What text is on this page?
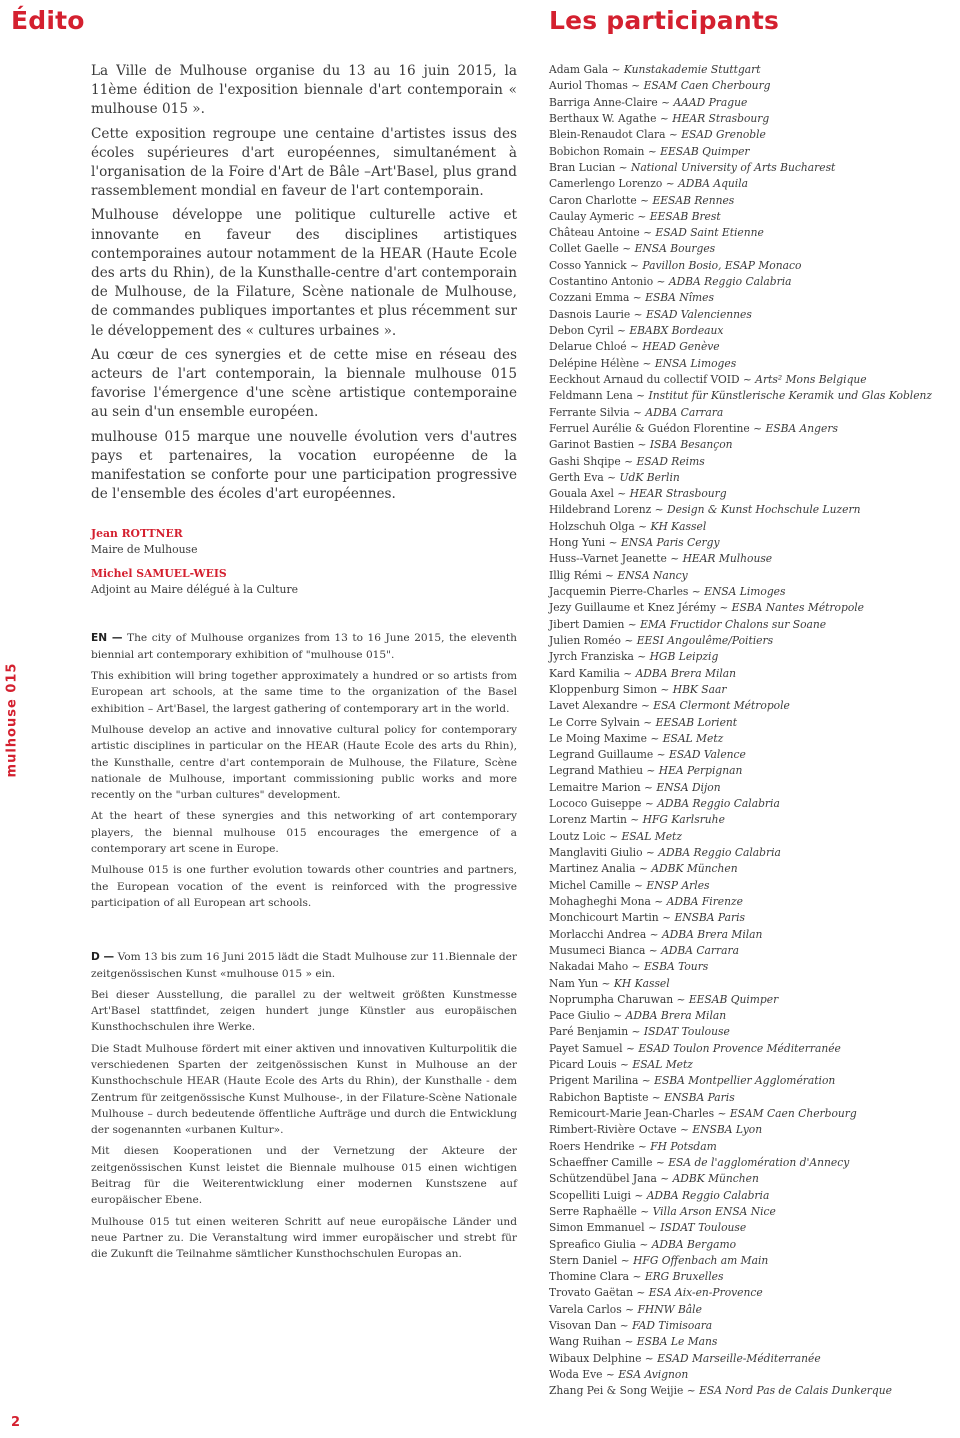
Édito	Les participants

La Ville de Mulhouse organise du 13 au 16 juin 2015, la 11ème édition de l'exposition biennale d'art contemporain « mulhouse 015 ».

Cette exposition regroupe une centaine d'artistes issus des écoles supérieures d'art européennes, simultanément à l'organisation de la Foire d'Art de Bâle –Art'Basel, plus grand rassemblement mondial en faveur de l'art contemporain.

Mulhouse développe une politique culturelle active et innovante en faveur des disciplines artistiques contemporaines autour notamment de la HEAR (Haute Ecole des arts du Rhin), de la Kunsthalle-centre d'art contemporain de Mulhouse, de la Filature, Scène nationale de Mulhouse, de commandes publiques importantes et plus récemment sur le développement des « cultures urbaines ».

Au cœur de ces synergies et de cette mise en réseau des acteurs de l'art contemporain, la biennale mulhouse 015 favorise l'émergence d'une scène artistique contemporaine au sein d'un ensemble européen.

mulhouse 015 marque une nouvelle évolution vers d'autres pays et partenaires, la vocation européenne de la manifestation se conforte pour une participation progressive de l'ensemble des écoles d'art européennes.

Jean ROTTNER
Maire de Mulhouse
Michel SAMUEL-WEIS
Adjoint au Maire délégué à la Culture

EN — The city of Mulhouse organizes from 13 to 16 June 2015, the eleventh biennial art contemporary exhibition of "mulhouse 015".

This exhibition will bring together approximately a hundred or so artists from European art schools, at the same time to the organization of the Basel exhibition – Art'Basel, the largest gathering of contemporary art in the world.

Mulhouse develop an active and innovative cultural policy for contemporary artistic disciplines in particular on the HEAR (Haute Ecole des arts du Rhin), the Kunsthalle, centre d'art contemporain de Mulhouse, the Filature, Scène nationale de Mulhouse, important commissioning public works and more recently on the "urban cultures" development.

At the heart of these synergies and this networking of art contemporary players, the biennal mulhouse 015 encourages the emergence of a contemporary art scene in Europe.

Mulhouse 015 is one further evolution towards other countries and partners, the European vocation of the event is reinforced with the progressive participation of all European art schools.

D — Vom 13 bis zum 16 Juni 2015 lädt die Stadt Mulhouse zur 11.Biennale der zeitgenössischen Kunst «mulhouse 015 » ein.

Bei dieser Ausstellung, die parallel zu der weltweit größten Kunstmesse Art'Basel stattfindet, zeigen hundert junge Künstler aus europäischen Kunsthochschulen ihre Werke.

Die Stadt Mulhouse fördert mit einer aktiven und innovativen Kulturpolitik die verschiedenen Sparten der zeitgenössischen Kunst in Mulhouse an der Kunsthochschule HEAR (Haute Ecole des Arts du Rhin), der Kunsthalle - dem Zentrum für zeitgenössische Kunst Mulhouse-, in der Filature-Scène Nationale Mulhouse – durch bedeutende öffentliche Aufträge und durch die Entwicklung der sogenannten «urbanen Kultur».

Mit diesen Kooperationen und der Vernetzung der Akteure der zeitgenössischen Kunst leistet die Biennale mulhouse 015 einen wichtigen Beitrag für die Weiterentwicklung einer modernen Kunstszene auf europäischer Ebene.

Mulhouse 015 tut einen weiteren Schritt auf neue europäische Länder und neue Partner zu. Die Veranstaltung wird immer europäischer und strebt für die Zukunft die Teilnahme sämtlicher Kunsthochschulen Europas an.

Adam Gala ~ Kunstakademie Stuttgart
Auriol Thomas ~ ESAM Caen Cherbourg
Barriga Anne-Claire ~ AAAD Prague
Berthaux W. Agathe ~ HEAR Strasbourg
Blein-Renaudot Clara ~ ESAD Grenoble
Bobichon Romain ~ EESAB Quimper
Bran Lucian ~ National University of Arts Bucharest
Camerlengo Lorenzo ~ ADBA Aquila
Caron Charlotte ~ EESAB Rennes
Caulay Aymeric ~ EESAB Brest
Château Antoine ~ ESAD Saint Etienne
Collet Gaelle ~ ENSA Bourges
Cosso Yannick ~ Pavillon Bosio, ESAP Monaco
Costantino Antonio ~ ADBA Reggio Calabria
Cozzani Emma ~ ESBA Nîmes
Dasnois Laurie ~ ESAD Valenciennes
Debon Cyril ~ EBABX Bordeaux
Delarue Chloé ~ HEAD Genève
Delépine Hélène ~ ENSA Limoges
Eeckhout Arnaud du collectif VOID ~ Arts² Mons Belgique
Feldmann Lena ~ Institut für Künstlerische Keramik und Glas Koblenz
Ferrante Silvia ~ ADBA Carrara
Ferruel Aurélie & Guédon Florentine ~ ESBA Angers
Garinot Bastien ~ ISBA Besançon
Gashi Shqipe ~ ESAD Reims
Gerth Eva ~ UdK Berlin
Gouala Axel ~ HEAR Strasbourg
Hildebrand Lorenz ~ Design & Kunst Hochschule Luzern
Holzschuh Olga ~ KH Kassel
Hong Yuni ~ ENSA Paris Cergy
Huss--Varnet Jeanette ~ HEAR Mulhouse
Illig Rémi ~ ENSA Nancy
Jacquemin Pierre-Charles ~ ENSA Limoges
Jezy Guillaume et Knez Jérémy ~ ESBA Nantes Métropole
Jibert Damien ~ EMA Fructidor Chalons sur Soane
Julien Roméo ~ EESI Angoulême/Poitiers
Jyrch Franziska ~ HGB Leipzig
Kard Kamilia ~ ADBA Brera Milan
Kloppenburg Simon ~ HBK Saar
Lavet Alexandre ~ ESA Clermont Métropole
Le Corre Sylvain ~ EESAB Lorient
Le Moing Maxime ~ ESAL Metz
Legrand Guillaume ~ ESAD Valence
Legrand Mathieu ~ HEA Perpignan
Lemaitre Marion ~ ENSA Dijon
Lococo Guiseppe ~ ADBA Reggio Calabria
Lorenz Martin ~ HFG Karlsruhe
Loutz Loic ~ ESAL Metz
Manglaviti Giulio ~ ADBA Reggio Calabria
Martinez Analia ~ ADBK München
Michel Camille ~ ENSP Arles
Mohagheghi Mona ~ ADBA Firenze
Monchicourt Martin ~ ENSBA Paris
Morlacchi Andrea ~ ADBA Brera Milan
Musumeci Bianca ~ ADBA Carrara
Nakadai Maho ~ ESBA Tours
Nam Yun ~ KH Kassel
Noprumpha Charuwan ~ EESAB Quimper
Pace Giulio ~ ADBA Brera Milan
Paré Benjamin ~ ISDAT Toulouse
Payet Samuel ~ ESAD Toulon Provence Méditerranée
Picard Louis ~ ESAL Metz
Prigent Marilina ~ ESBA Montpellier Agglomération
Rabichon Baptiste ~ ENSBA Paris
Remicourt-Marie Jean-Charles ~ ESAM Caen Cherbourg
Rimbert-Rivière Octave ~ ENSBA Lyon
Roers Hendrike ~ FH Potsdam
Schaeffner Camille ~ ESA de l'agglomération d'Annecy
Schützendübel Jana ~ ADBK München
Scopelliti Luigi ~ ADBA Reggio Calabria
Serre Raphaëlle ~ Villa Arson ENSA Nice
Simon Emmanuel ~ ISDAT Toulouse
Spreafico Giulia ~ ADBA Bergamo
Stern Daniel ~ HFG Offenbach am Main
Thomine Clara ~ ERG Bruxelles
Trovato Gaëtan ~ ESA Aix-en-Provence
Varela Carlos ~ FHNW Bâle
Visovan Dan ~ FAD Timisoara
Wang Ruihan ~ ESBA Le Mans
Wibaux Delphine ~ ESAD Marseille-Méditerranée
Woda Eve ~ ESA Avignon
Zhang Pei & Song Weijie ~ ESA Nord Pas de Calais Dunkerque
mulhouse 015
2
